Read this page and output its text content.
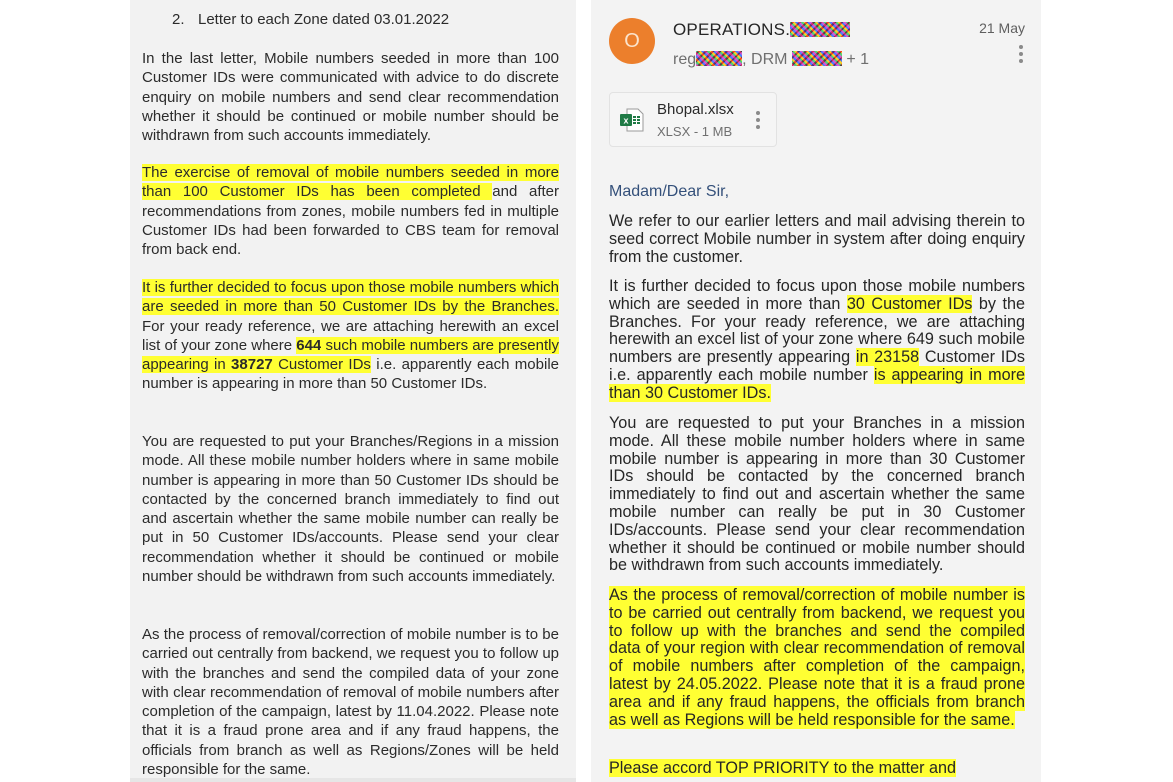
2. Letter to each Zone dated 03.01.2022

In the last letter, Mobile numbers seeded in more than 100 Customer IDs were communicated with advice to do discrete enquiry on mobile numbers and send clear recommendation whether it should be continued or mobile number should be withdrawn from such accounts immediately.

The exercise of removal of mobile numbers seeded in more than 100 Customer IDs has been completed and after recommendations from zones, mobile numbers fed in multiple Customer IDs had been forwarded to CBS team for removal from back end.

It is further decided to focus upon those mobile numbers which are seeded in more than 50 Customer IDs by the Branches. For your ready reference, we are attaching herewith an excel list of your zone where 644 such mobile numbers are presently appearing in 38727 Customer IDs i.e. apparently each mobile number is appearing in more than 50 Customer IDs.

You are requested to put your Branches/Regions in a mission mode. All these mobile number holders where in same mobile number is appearing in more than 50 Customer IDs should be contacted by the concerned branch immediately to find out and ascertain whether the same mobile number can really be put in 50 Customer IDs/accounts. Please send your clear recommendation whether it should be continued or mobile number should be withdrawn from such accounts immediately.

As the process of removal/correction of mobile number is to be carried out centrally from backend, we request you to follow up with the branches and send the compiled data of your zone with clear recommendation of removal of mobile numbers after completion of the campaign, latest by 11.04.2022. Please note that it is a fraud prone area and if any fraud happens, the officials from branch as well as Regions/Zones will be held responsible for the same.

O OPERATIONS.
reg	, DRM	+ 1
21 May
x
Bhopal.xlsx
XLSX - 1 MB
Madam/Dear Sir,

We refer to our earlier letters and mail advising therein to seed correct Mobile number in system after doing enquiry from the customer.

It is further decided to focus upon those mobile numbers which are seeded in more than 30 Customer IDs by the Branches. For your ready reference, we are attaching herewith an excel list of your zone where 649 such mobile numbers are presently appearing in 23158 Customer IDs i.e. apparently each mobile number is appearing in more than 30 Customer IDs.

You are requested to put your Branches in a mission mode. All these mobile number holders where in same mobile number is appearing in more than 30 Customer IDs should be contacted by the concerned branch immediately to find out and ascertain whether the same mobile number can really be put in 30 Customer IDs/accounts. Please send your clear recommendation whether it should be continued or mobile number should be withdrawn from such accounts immediately.

As the process of removal/correction of mobile number is to be carried out centrally from backend, we request you to follow up with the branches and send the compiled data of your region with clear recommendation of removal of mobile numbers after completion of the campaign, latest by 24.05.2022. Please note that it is a fraud prone area and if any fraud happens, the officials from branch as well as Regions will be held responsible for the same.

Please accord TOP PRIORITY to the matter and
